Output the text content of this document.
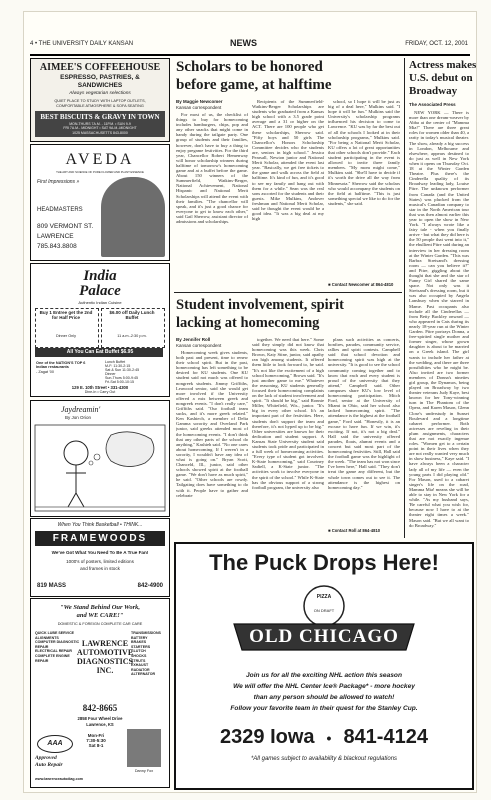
4 • THE UNIVERSITY DAILY KANSAN	NEWS	FRIDAY, OCT. 12, 2001
AIMEE'S COFFEEHOUSE
ESPRESSO, PASTRIES, &
SANDWICHES
Always vegetarian selections
QUIET PLACE TO STUDY WITH LAPTOP OUTLETS,
COMFORTABLE ATMOSPHERE & SOFA SEATING
BEST BISCUITS & GRAVY IN TOWN
MON-THURS 7A.M. - 11P.M. • SUN 9-9
FRI 7A.M.- MIDNIGHT • SAT 9A.M.-MIDNIGHT
1025 MASSACHUSETTS 843-8000
AVEDA
THE ART AND SCIENCE OF PURE FLOWER AND PLANT ESSENCE
First Impressions »
HEADMASTERS
809 VERMONT ST.
LAWRENCE
785.843.8808
India
Palace
Authentic Indian Cuisine
Buy 1 Entree get the 2nd for Half Price
Dinner Only
$6.00 off Daily Lunch Buffet
11 a.m.-2:30 p.m.
All You Can Eat Buffet $6.95
One of the NATION'S TOP 6 Indian restaurants
- Zagat '00
Lunch Buffet
M-F: 11:30-2:15
Sat & Sun 11:30-2:45
Dinner
Sun-Thurs 5:00-9:45
Fri-Sat 5:00-10:15
129 E. 10th Street • 331-4300
Dine-In • Carry Out
Jaydreamin'
By Jon Orion
When You Think Basketball • THINK...
FRAMEWOODS
We've Got What You Need To Be A True Fan!
1000's of posters, limited editions
and frames in stock
819 MASS	842-4900
"We Stand Behind Our Work,
and WE CARE!"
DOMESTIC & FOREIGN COMPLETE CAR CARE
QUICK LUBE SERVICE
ALIGNMENTS
COMPUTER DIAGNOSTIC
REPAIR
ELECTRICAL REPAIR
COMPLETE ENGINE REPAIR
TRANSMISSIONS
BATTERY
BRAKES
STARTERS
CLUTCH
SHOCKS
STRUTS
EXHAUST
RADIATOR
ALTERNATOR
LAWRENCE
AUTOMOTIVE
DIAGNOSTICS
INC.
842-8665
2858 Four Wheel Drive
Lawrence, KS
Mon-Fri
7:30-5:30
Sat 8-1
AAA
Approved
Auto Repair
Danny Fox
www.lawrenceautodiag.com
Scholars to be honored
before game, at halftime
By Maggie Newcomer
Kansan correspondent

For most of us, the checklist of things to buy for homecoming includes hamburgers, chips, pop and any other snacks that might come in handy during the tailgate party. One group of students and their families, however, don't have to buy a thing to enjoy pregame festivities. For the third year, Chancellor Robert Hemenway will honor scholarship winners during halftime of tomorrow's homecoming game and at a buffet before the game. About 150 winners of the Summerfield, Watkins-Berger, National Achievement, National Hispanic and National Merit Scholarships will attend the event with their families. "The chancellor will speak, and it's just a good chance for everyone to get to know each other," said Gail Sherrow, assistant director of admissions and scholarships.

Recipients of the Summerfield-Watkins-Berger Scholarships are students who graduated from a Kansas high school with a 3.5 grade point average and a 31 or higher on the ACT. There are 100 people who get these scholarships, Sherrow said. "Fifty boys and 50 girls The Chancellor's Honors Scholarship Committee decides who the students are, seniors in high school." Jessica Pearsall, Newton junior and National Merit Scholar, attended the event last year. "Basically, we get free tickets to the game and walk across the field at halftime. It's kind of fun, and it's good to see my family and hang out with them for a while." Sean was the real sons ascorted for the students and their guests. Mike Mulkins, Andover freshman and National Merit Scholar, said he thought the event would be a good idea. "It was a big deal at my high

school, so I hope it will be just as big of a deal here," Mulkins said. "I hope it will be fun." Mulkins said the University's scholarship programs influenced his decision to come to Lawrence. "KU was by far the best out of all the schools I looked at in their scholarship programs," Mulkins said. "For being a National Merit Scholar, KU offers a lot of great opportunities that other schools don't provide." Each student participating in the event is allowed to invite three family members. "My mom might come," Mulkins said. "She'll have to decide if it's worth the drive all the way from Minnesota." Sherrow said the scholars who would accompany the students on the field at halftime. "This is just something special we like to do for the students," she said.

■ Contact Newcomer at 864-4810
Actress makes
U.S. debut on
Broadway
The Associated Press

NEW YORK — There is more than one dream-weaver by Abba at the center of "Mamma Mia!" There are three great roles for women older than 40, a rarity in today's musical theater. The show, already a big success in London, Melbourne and elsewhere, appears destined to do just as well in New York when it opens on Thursday Oct. 18 at the Winter Garden Theatre. Plus there's the Cinderella quality of its Broadway leading lady, Louise Pitre. The unknown performer from Canada (and the United States) was plucked from the musical's Canadian company to star in the North American tour that was then almost earlier this year to open the show in New York. "I always wrote like a fairy tale - when you finally arrive - but what they did here is the 50 people that went into it," the ebullient Pitre said during an interview in her dressing room at the Winter Garden. "This was Barbra Streisand's dressing room — can you believe it?" and Pitre, giggling about the thought that she and the star of Funny Girl shared the same space. Not only was it Streisand's dressing room, but it was also occupied by Angela Lansbury when she starred in Mame. Past occupants also include all the Cinderellas — from Betty Buckley onward — who appeared in Cats during its nearly 18-year run at the Winter Garden. Pitre portrays Donna, a free-spirited single mother and former singer, whose grown daughter is about to be married on a Greek island. The girl wants to include her father at the wedding, and there are three possibilities who he might be. Also invited are two former members of Donna's nineties girl group, the Dynamos, being played on Broadway by two theater veterans Judy Kaye, best known for her Tony-winning turn in The Phantom of the Opera, and Karen Mason, Glenn Close's understudy in Sunset Boulevard and a longtime cabaret performer. Both actresses are reveling in their plum assignments, characters that are not exactly ingenue roles. "Women get to a certain point in their lives when they are not really wanted very much in show business," Kaye said. "I have always been a character lady all of my life — even the young parts I did playing old." For Mason, used to a cabaret singer's life on the road, Mamma Mia! means she will be able to stay in New York for a while. "As my husband says, 'Be careful what you wish for, because now I have to at the theater eight times a week." Mason said. "But we all want to do Broadway."

Student involvement, spirit
lacking at homecoming
By Jennifer Roll
Kansan correspondent

Homecoming week gives students, both past and present, time to renew their school spirit. But in the past, homecoming has left something to be desired for KU students. One KU student said not much was offered to nongreek students. Jimmy Griffiths, Leawood senior, said she would get more involved if the University offered a mix between greek and nongreek events. "I don't really care," Griffiths said. "Our football team sucks, and it's more greek related." Ken Kashiech, a member of Delta Gamma sorority and Overland Park junior, said greeks attended most of the homecoming events. "I don't think that any other parts of the school do anything," Kashieh said. "No one cares about homecoming. If I weren't in a sorority, I wouldn't have any idea of what is going on." Bryan Scott, Chanceld, Ill., junior, said other schools showed spirit at the football game. "We don't have as much spirit," he said. "Other schools are rowdy. Tailgating does have something to do with it. People have to gather and celebrate

together. We need that here." Some said they simply did not know that homecoming was this week. Chris Brown, Katy Stine, junior, said apathy ran high among students. It offered them little to look forward to, he said. "It's not like the excitement of a high school homecoming," Brown said. "It's just another game to me." Whatever the reasoning, KU students generally focused their homecoming complaints on the lack of student involvement and spirit. "It should be big," said Ronnie Miller, Whitefield, Wis., junior. "It's big in every other school. It's an important part of the festivities. Here, students don't support the team and therefore, it's not hyped up to be big." Other universities are known for their dedication and student support. A Kansas State University student said students took pride and participated in a full week of homecoming activities. "Every type of student got involved. K-State homecoming," said Courtney Sadtell, a K-State junior. "The activities work to involve everyone in the spirit of the school." While K-State has the obvious support of a strong football program, the university also

plans such activities as concerts, bonfires, parades, community service, rallies and spirit contests. Campbell said that school devotion and homecoming spirit was high at the university. "It is good to see the school community coming together and to know that each and every student is proud of the university that they attend," Campbell said. Other campuses share KU's low level of homecoming participation. Mitch Ford, senior at the University of Miami in Ohio, said her school also lacked homecoming spirit. "The attendance is the highest at the football game," Ford said. "Honestly, it is an excuse to have fun. If we win, it's exciting. If not, it's not a big deal." Hall said the university offered parades, floats, alumni events and a concert but said most part of the homecoming festivities. Still, Hall said the football game was the highlight of the week. "The team has not won since I've been here," Hall said. "They don't treat the game any different, but the whole town comes out to see it. The attendance is the highest on homecoming day."

■ Contact Roll at 864-4810
The Puck Drops Here!
PIZZA
ON DRAFT
OLD CHICAGO
Join us for all the exciting NHL action this season
We will offer the NHL Center Ice® Package* - more hockey
than any person should be allowed to watch!
Follow your favorite team in their quest for the Stanley Cup.
2329 Iowa • 841-4124
*All games subject to availability & blackout regulations
